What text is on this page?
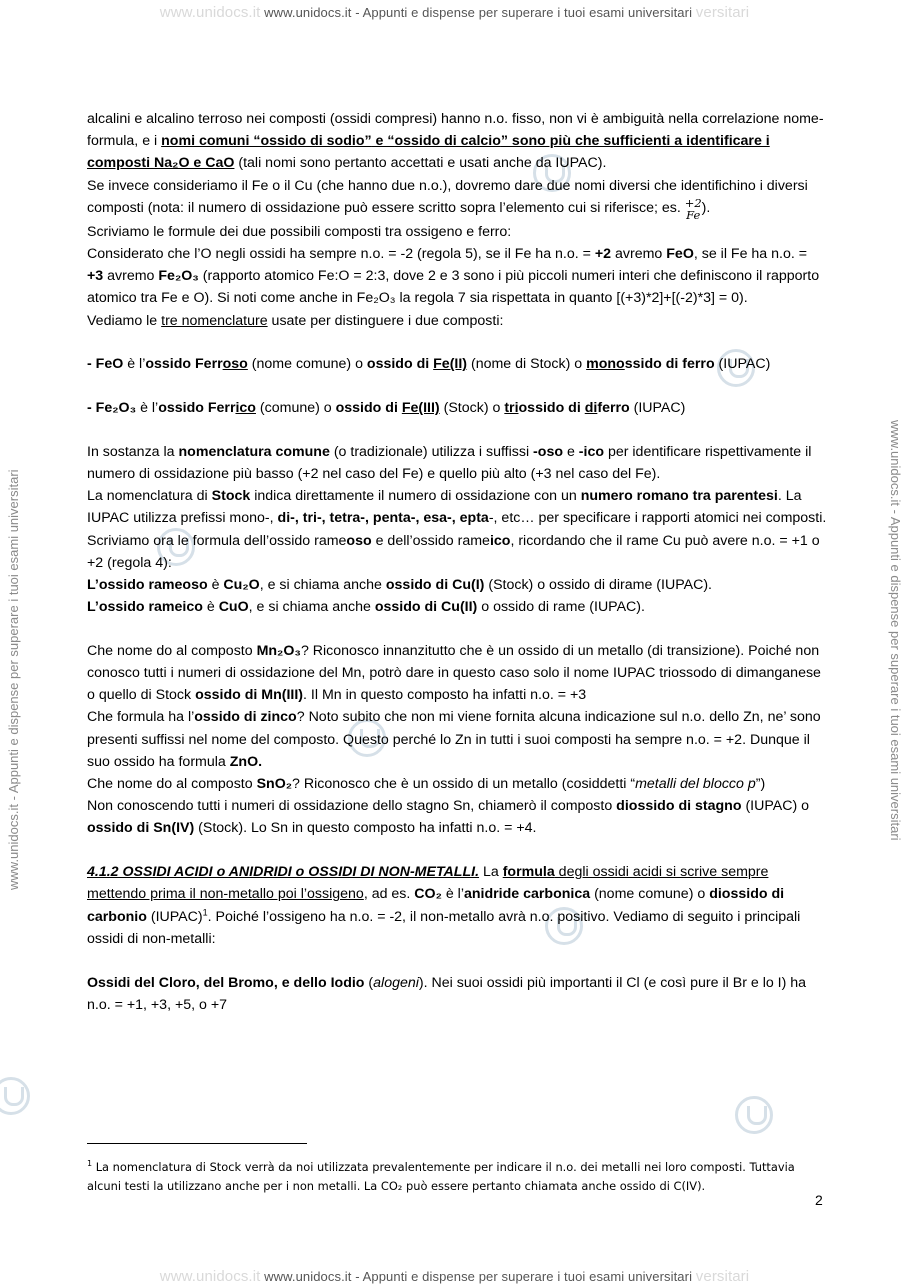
www.unidocs.it www.unidocs.it - Appunti e dispense per superare i tuoi esami universitari versitari
www.unidocs.it www.unidocs.it - Appunti e dispense per superare i tuoi esami universitari versitari
www.unidocs.it - Appunti e dispense per superare i tuoi esami universitari	www.unidocs.it - Appunti e dispense per superare i tuoi esami universitari

alcalini e alcalino terroso nei composti (ossidi compresi) hanno n.o. fisso, non vi è ambiguità nella correlazione nome-formula, e i nomi comuni “ossido di sodio” e “ossido di calcio” sono più che sufficienti a identificare i composti Na₂O e CaO (tali nomi sono pertanto accettati e usati anche da IUPAC).

Se invece consideriamo il Fe o il Cu (che hanno due n.o.), dovremo dare due nomi diversi che identifichino i diversi composti (nota: il numero di ossidazione può essere scritto sopra l’elemento cui si riferisce; es. +2
Fe).

Scriviamo le formule dei due possibili composti tra ossigeno e ferro:

Considerato che l’O negli ossidi ha sempre n.o. = -2 (regola 5), se il Fe ha n.o. = +2 avremo FeO, se il Fe ha n.o. = +3 avremo Fe₂O₃ (rapporto atomico Fe:O = 2:3, dove 2 e 3 sono i più piccoli numeri interi che definiscono il rapporto atomico tra Fe e O). Si noti come anche in Fe₂O₃ la regola 7 sia rispettata in quanto [(+3)*2]+[(-2)*3] = 0).

Vediamo le tre nomenclature usate per distinguere i due composti:

- FeO è l’ossido Ferroso (nome comune) o ossido di Fe(II) (nome di Stock) o monossido di ferro (IUPAC)

- Fe₂O₃ è l’ossido Ferrico (comune) o ossido di Fe(III) (Stock) o triossido di diferro (IUPAC)

In sostanza la nomenclatura comune (o tradizionale) utilizza i suffissi -oso e -ico per identificare rispettivamente il numero di ossidazione più basso (+2 nel caso del Fe) e quello più alto (+3 nel caso del Fe).

La nomenclatura di Stock indica direttamente il numero di ossidazione con un numero romano tra parentesi. La IUPAC utilizza prefissi mono-, di-, tri-, tetra-, penta-, esa-, epta-, etc… per specificare i rapporti atomici nei composti.

Scriviamo ora le formula dell’ossido rameoso e dell’ossido rameico, ricordando che il rame Cu può avere n.o. = +1 o +2 (regola 4):

L’ossido rameoso è Cu₂O, e si chiama anche ossido di Cu(I) (Stock) o ossido di dirame (IUPAC).

L’ossido rameico è CuO, e si chiama anche ossido di Cu(II) o ossido di rame (IUPAC).

Che nome do al composto Mn₂O₃? Riconosco innanzitutto che è un ossido di un metallo (di transizione). Poiché non conosco tutti i numeri di ossidazione del Mn, potrò dare in questo caso solo il nome IUPAC triossodo di dimanganese o quello di Stock ossido di Mn(III). Il Mn in questo composto ha infatti n.o. = +3

Che formula ha l’ossido di zinco? Noto subito che non mi viene fornita alcuna indicazione sul n.o. dello Zn, ne’ sono presenti suffissi nel nome del composto. Questo perché lo Zn in tutti i suoi composti ha sempre n.o. = +2. Dunque il suo ossido ha formula ZnO.

Che nome do al composto SnO₂? Riconosco che è un ossido di un metallo (cosiddetti “metalli del blocco p”)

Non conoscendo tutti i numeri di ossidazione dello stagno Sn, chiamerò il composto diossido di stagno (IUPAC) o ossido di Sn(IV) (Stock). Lo Sn in questo composto ha infatti n.o. = +4.

4.1.2 OSSIDI ACIDI o ANIDRIDI o OSSIDI DI NON-METALLI. La formula degli ossidi acidi si scrive sempre mettendo prima il non-metallo poi l’ossigeno, ad es. CO₂ è l’anidride carbonica (nome comune) o diossido di carbonio (IUPAC)$^1$. Poiché l’ossigeno ha n.o. = -2, il non-metallo avrà n.o. positivo. Vediamo di seguito i principali ossidi di non-metalli:

Ossidi del Cloro, del Bromo, e dello Iodio (alogeni). Nei suoi ossidi più importanti il Cl (e così pure il Br e lo I) ha n.o. = +1, +3, +5, o +7

$^1$ La nomenclatura di Stock verrà da noi utilizzata prevalentemente per indicare il n.o. dei metalli nei loro composti. Tuttavia alcuni testi la utilizzano anche per i non metalli. La CO₂ può essere pertanto chiamata anche ossido di C(IV).
2
